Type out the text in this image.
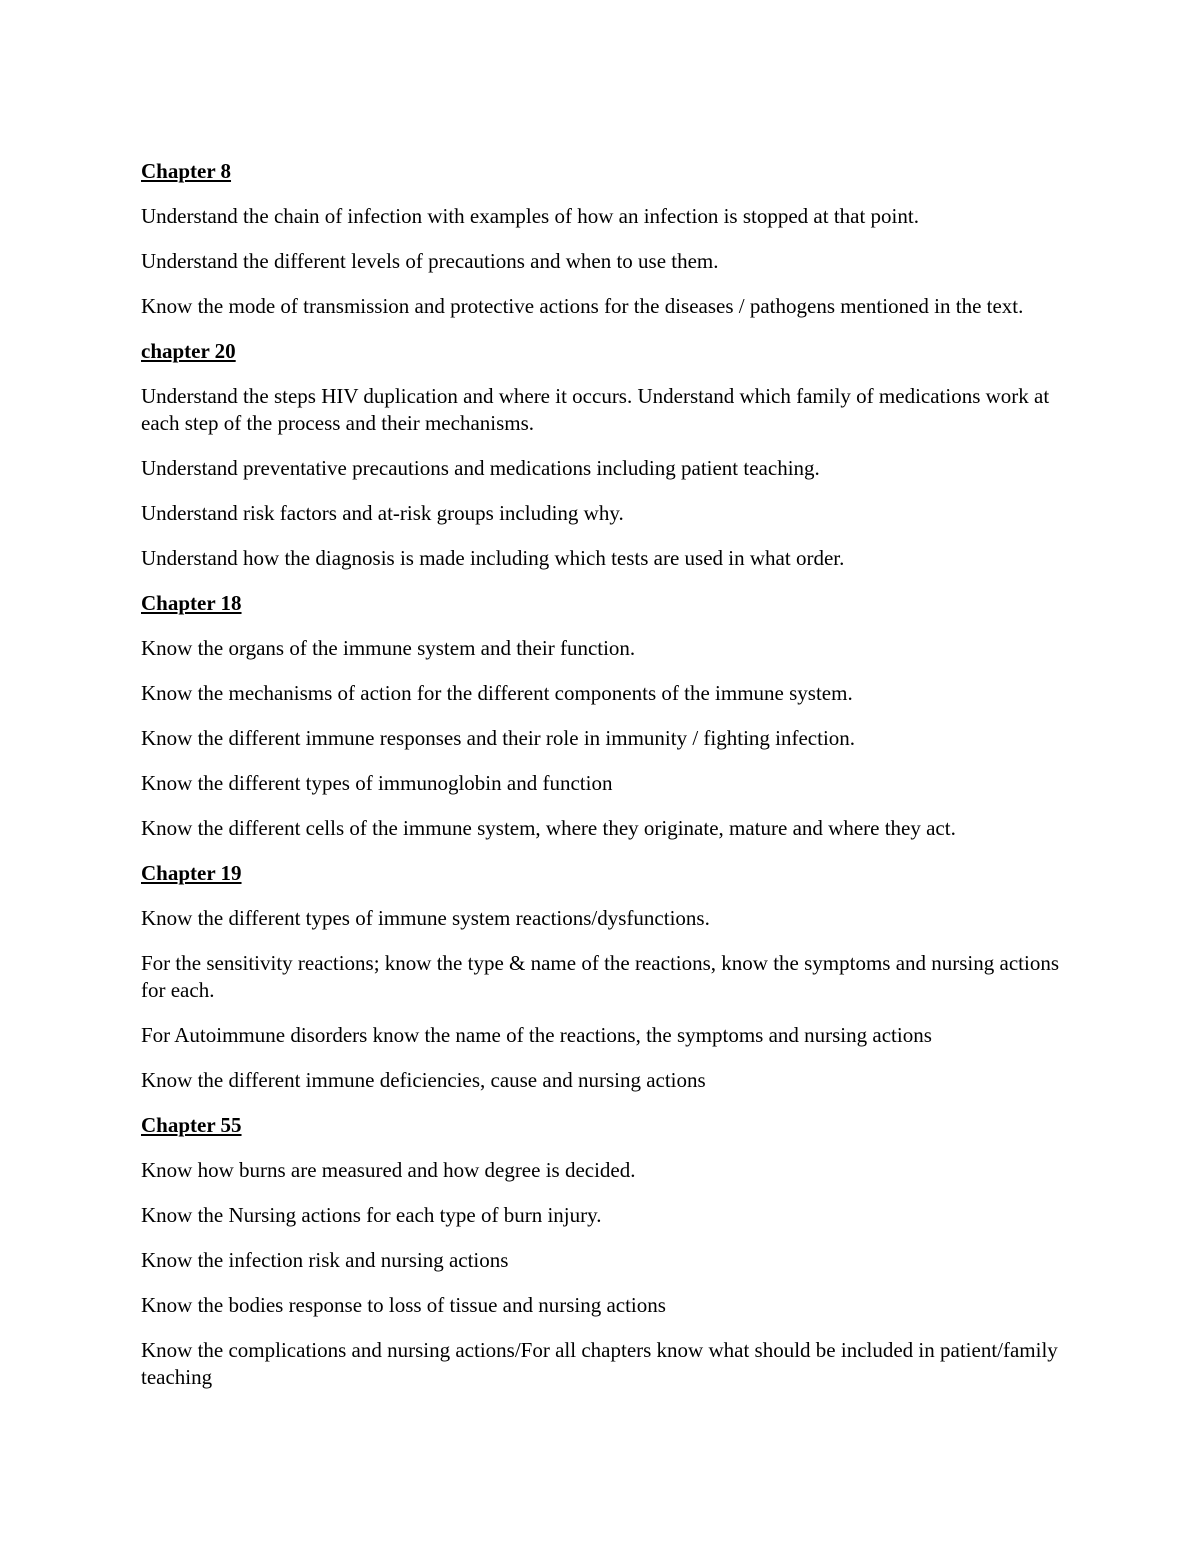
Chapter 8

Understand the chain of infection with examples of how an infection is stopped at that point.

Understand the different levels of precautions and when to use them.

Know the mode of transmission and protective actions for the diseases / pathogens mentioned in the text.

chapter 20

Understand the steps HIV duplication and where it occurs. Understand which family of medications work at each step of the process and their mechanisms.

Understand preventative precautions and medications including patient teaching.

Understand risk factors and at-risk groups including why.

Understand how the diagnosis is made including which tests are used in what order.

Chapter 18

Know the organs of the immune system and their function.

Know the mechanisms of action for the different components of the immune system.

Know the different immune responses and their role in immunity / fighting infection.

Know the different types of immunoglobin and function

Know the different cells of the immune system, where they originate, mature and where they act.

Chapter 19

Know the different types of immune system reactions/dysfunctions.

For the sensitivity reactions; know the type & name of the reactions, know the symptoms and nursing actions for each.

For Autoimmune disorders know the name of the reactions, the symptoms and nursing actions

Know the different immune deficiencies, cause and nursing actions

Chapter 55

Know how burns are measured and how degree is decided.

Know the Nursing actions for each type of burn injury.

Know the infection risk and nursing actions

Know the bodies response to loss of tissue and nursing actions

Know the complications and nursing actions/For all chapters know what should be included in patient/family teaching
